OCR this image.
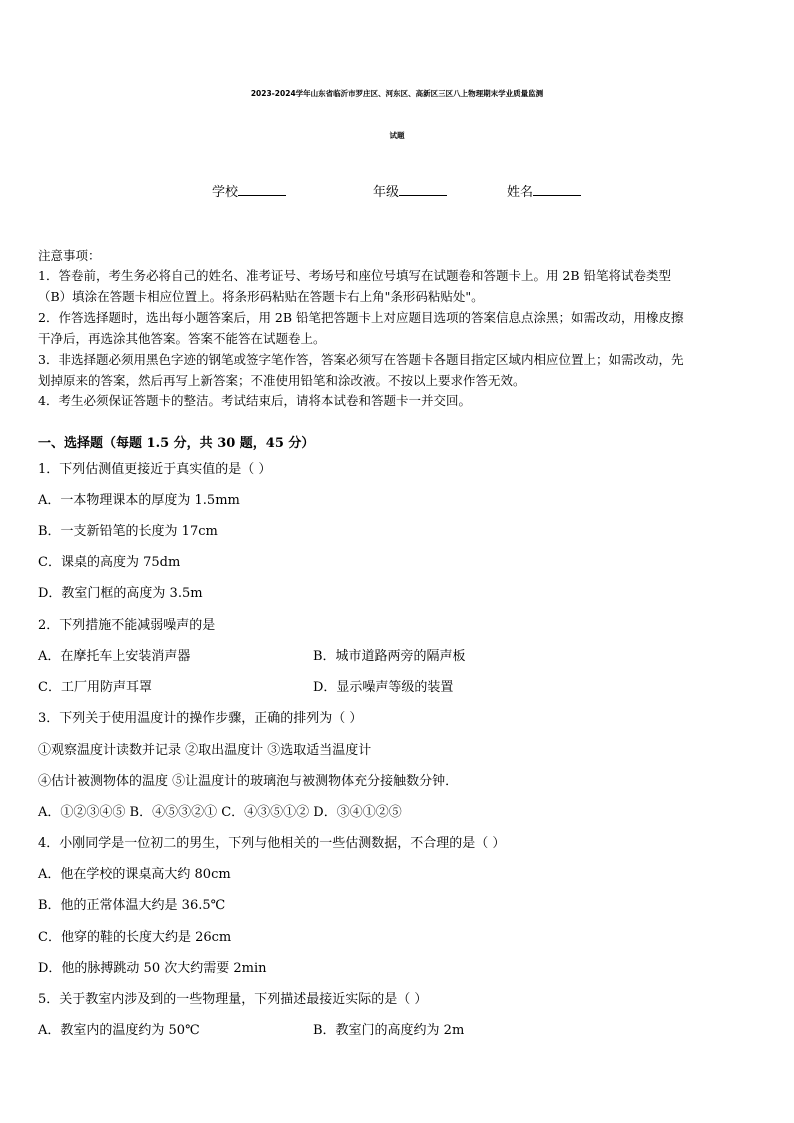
2023-2024学年山东省临沂市罗庄区、河东区、高新区三区八上物理期末学业质量监测
试题
学校	年级	姓名
注意事项：
1．答卷前，考生务必将自己的姓名、准考证号、考场号和座位号填写在试题卷和答题卡上。用 2B 铅笔将试卷类型
（B）填涂在答题卡相应位置上。将条形码粘贴在答题卡右上角"条形码粘贴处"。
2．作答选择题时，选出每小题答案后，用 2B 铅笔把答题卡上对应题目选项的答案信息点涂黑；如需改动，用橡皮擦
干净后，再选涂其他答案。答案不能答在试题卷上。
3．非选择题必须用黑色字迹的钢笔或签字笔作答，答案必须写在答题卡各题目指定区域内相应位置上；如需改动，先
划掉原来的答案，然后再写上新答案；不准使用铅笔和涂改液。不按以上要求作答无效。
4．考生必须保证答题卡的整洁。考试结束后，请将本试卷和答题卡一并交回。
一、选择题（每题 1.5 分，共 30 题，45 分）
1．下列估测值更接近于真实值的是（ ）
A．一本物理课本的厚度为 1.5mm
B．一支新铅笔的长度为 17cm
C．课桌的高度为 75dm
D．教室门框的高度为 3.5m
2．下列措施不能减弱噪声的是
A．在摩托车上安装消声器	B．城市道路两旁的隔声板
C．工厂用防声耳罩	D．显示噪声等级的装置
3．下列关于使用温度计的操作步骤，正确的排列为（ ）
①观察温度计读数并记录 ②取出温度计 ③选取适当温度计
④估计被测物体的温度 ⑤让温度计的玻璃泡与被测物体充分接触数分钟．
A．①②③④⑤ B．④⑤③②① C．④③⑤①② D．③④①②⑤
4．小刚同学是一位初二的男生，下列与他相关的一些估测数据，不合理的是（ ）
A．他在学校的课桌高大约 80cm
B．他的正常体温大约是 36.5℃
C．他穿的鞋的长度大约是 26cm
D．他的脉搏跳动 50 次大约需要 2min
5．关于教室内涉及到的一些物理量，下列描述最接近实际的是（ ）
A．教室内的温度约为 50℃	B．教室门的高度约为 2m
